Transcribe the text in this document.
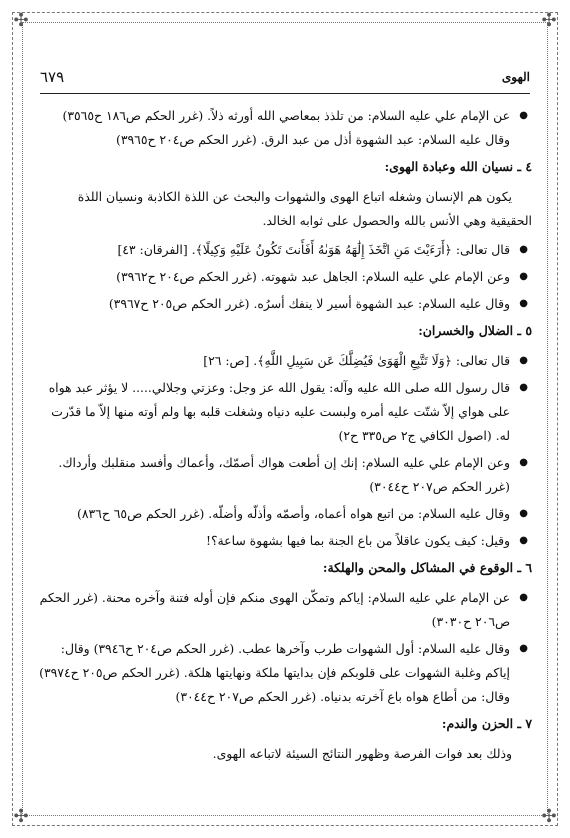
✣	✣
✣	✣
الهوى
٦٧٩
● عن الإمام علي عليه السلام: من تلذذ بمعاصي الله أورثه ذلاً. (غرر الحكم ص١٨٦ ح٣٥٦٥) وقال عليه السلام: عبد الشهوة أذل من عبد الرق. (غرر الحكم ص٢٠٤ ح٣٩٦٥)
٤ ـ نسيان الله وعبادة الهوى:
يكون هم الإنسان وشغله اتباع الهوى والشهوات والبحث عن اللذة الكاذبة ونسيان اللذة الحقيقية وهي الأنس بالله والحصول على ثوابه الخالد.
● قال تعالى: ﴿أَرَءَيْتَ مَنِ اتَّخَذَ إِلَٰهَهُ هَوَىٰهُ أَفَأَنتَ تَكُونُ عَلَيْهِ وَكِيلًا﴾. [الفرقان: ٤٣]
● وعن الإمام علي عليه السلام: الجاهل عبد شهوته. (غرر الحكم ص٢٠٤ ح٣٩٦٢)
● وقال عليه السلام: عبد الشهوة أسير لا ينفك أسرُه. (غرر الحكم ص٢٠٥ ح٣٩٦٧)
٥ ـ الضلال والخسران:
● قال تعالى: ﴿وَلَا تَتَّبِعِ الْهَوَىٰ فَيُضِلَّكَ عَن سَبِيلِ اللَّهِ﴾. [ص: ٢٦]
● قال رسول الله صلى الله عليه وآله: يقول الله عز وجل: وعزتي وجلالي..... لا يؤثر عبد هواه على هواي إلاّ شتّت عليه أمره ولبست عليه دنياه وشغلت قلبه بها ولم أوته منها إلاّ ما قدّرت له. (اصول الكافي ج٢ ص٣٣٥ ح٢)
● وعن الإمام علي عليه السلام: إنك إن أطعت هواك أصمّك، وأعماك وأفسد منقلبك وأرداك. (غرر الحكم ص٢٠٧ ح٣٠٤٤)
● وقال عليه السلام: من اتبع هواه أعماه، وأصمّه وأذلّه وأضلّه. (غرر الحكم ص٦٥ ح٨٣٦)
● وقيل: كيف يكون عاقلاً من باع الجنة بما فيها بشهوة ساعة؟!
٦ ـ الوقوع في المشاكل والمحن والهلكة:
● عن الإمام علي عليه السلام: إياكم وتمكّن الهوى منكم فإن أوله فتنة وآخره محنة. (غرر الحكم ص٢٠٦ ح٣٠٣٠)
● وقال عليه السلام: أول الشهوات طرب وآخرها عطب. (غرر الحكم ص٢٠٤ ح٣٩٤٦) وقال: إياكم وغلبة الشهوات على قلوبكم فإن بدايتها ملكة ونهايتها هلكة. (غرر الحكم ص٢٠٥ ح٣٩٧٤) وقال: من أطاع هواه باع آخرته بدنياه. (غرر الحكم ص٢٠٧ ح٣٠٤٤)
٧ ـ الحزن والندم:
وذلك بعد فوات الفرصة وظهور النتائج السيئة لاتباعه الهوى.
